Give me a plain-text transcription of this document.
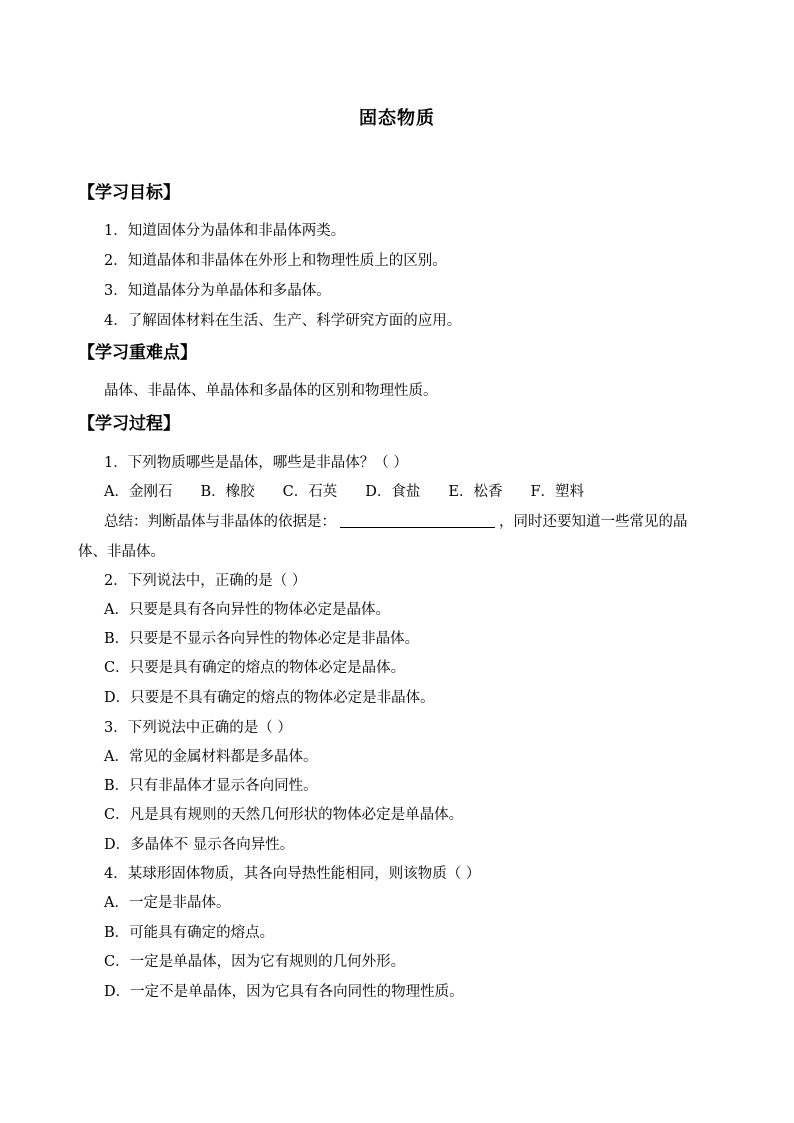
固态物质
【学习目标】
1．知道固体分为晶体和非晶体两类。
2．知道晶体和非晶体在外形上和物理性质上的区别。
3．知道晶体分为单晶体和多晶体。
4．了解固体材料在生活、生产、科学研究方面的应用。
【学习重难点】
晶体、非晶体、单晶体和多晶体的区别和物理性质。
【学习过程】
1．下列物质哪些是晶体，哪些是非晶体？（ ）
A．金刚石 B．橡胶 C．石英 D．食盐 E．松香 F．塑料
总结：判断晶体与非晶体的依据是：	，同时还要知道一些常见的晶
体、非晶体。
2．下列说法中，正确的是（ ）
A．只要是具有各向异性的物体必定是晶体。
B．只要是不显示各向异性的物体必定是非晶体。
C．只要是具有确定的熔点的物体必定是晶体。
D．只要是不具有确定的熔点的物体必定是非晶体。
3．下列说法中正确的是（ ）
A．常见的金属材料都是多晶体。
B．只有非晶体才显示各向同性。
C．凡是具有规则的天然几何形状的物体必定是单晶体。
D．多晶体不 显示各向异性。
4．某球形固体物质，其各向导热性能相同，则该物质（ ）
A．一定是非晶体。
B．可能具有确定的熔点。
C．一定是单晶体，因为它有规则的几何外形。
D．一定不是单晶体，因为它具有各向同性的物理性质。
